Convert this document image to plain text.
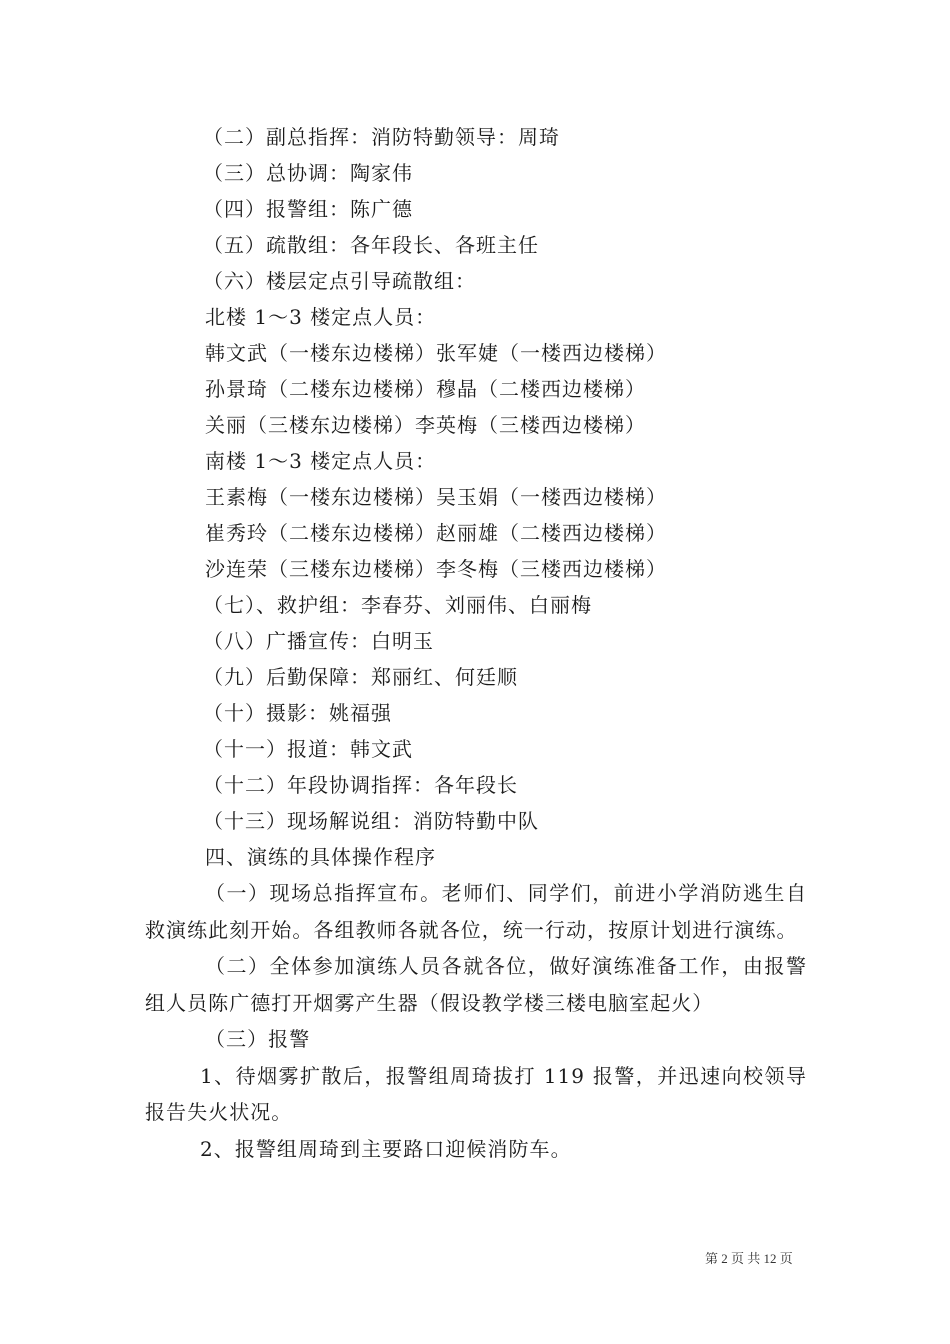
（二）副总指挥：消防特勤领导：周琦
（三）总协调：陶家伟
（四）报警组：陈广德
（五）疏散组：各年段长、各班主任
（六）楼层定点引导疏散组：
北楼 1～3 楼定点人员：
韩文武（一楼东边楼梯）张军婕（一楼西边楼梯）
孙景琦（二楼东边楼梯）穆晶（二楼西边楼梯）
关丽（三楼东边楼梯）李英梅（三楼西边楼梯）
南楼 1～3 楼定点人员：
王素梅（一楼东边楼梯）吴玉娟（一楼西边楼梯）
崔秀玲（二楼东边楼梯）赵丽雄（二楼西边楼梯）
沙连荣（三楼东边楼梯）李冬梅（三楼西边楼梯）
（七）、救护组：李春芬、刘丽伟、白丽梅
（八）广播宣传：白明玉
（九）后勤保障：郑丽红、何廷顺
（十）摄影：姚福强
（十一）报道：韩文武
（十二）年段协调指挥：各年段长
（十三）现场解说组：消防特勤中队
四、演练的具体操作程序

（一）现场总指挥宣布。老师们、同学们，前进小学消防逃生自救演练此刻开始。各组教师各就各位，统一行动，按原计划进行演练。

（二）全体参加演练人员各就各位，做好演练准备工作，由报警组人员陈广德打开烟雾产生器（假设教学楼三楼电脑室起火）

（三）报警

1、待烟雾扩散后，报警组周琦拔打 119 报警，并迅速向校领导报告失火状况。

2、报警组周琦到主要路口迎候消防车。

第 2 页 共 12 页
